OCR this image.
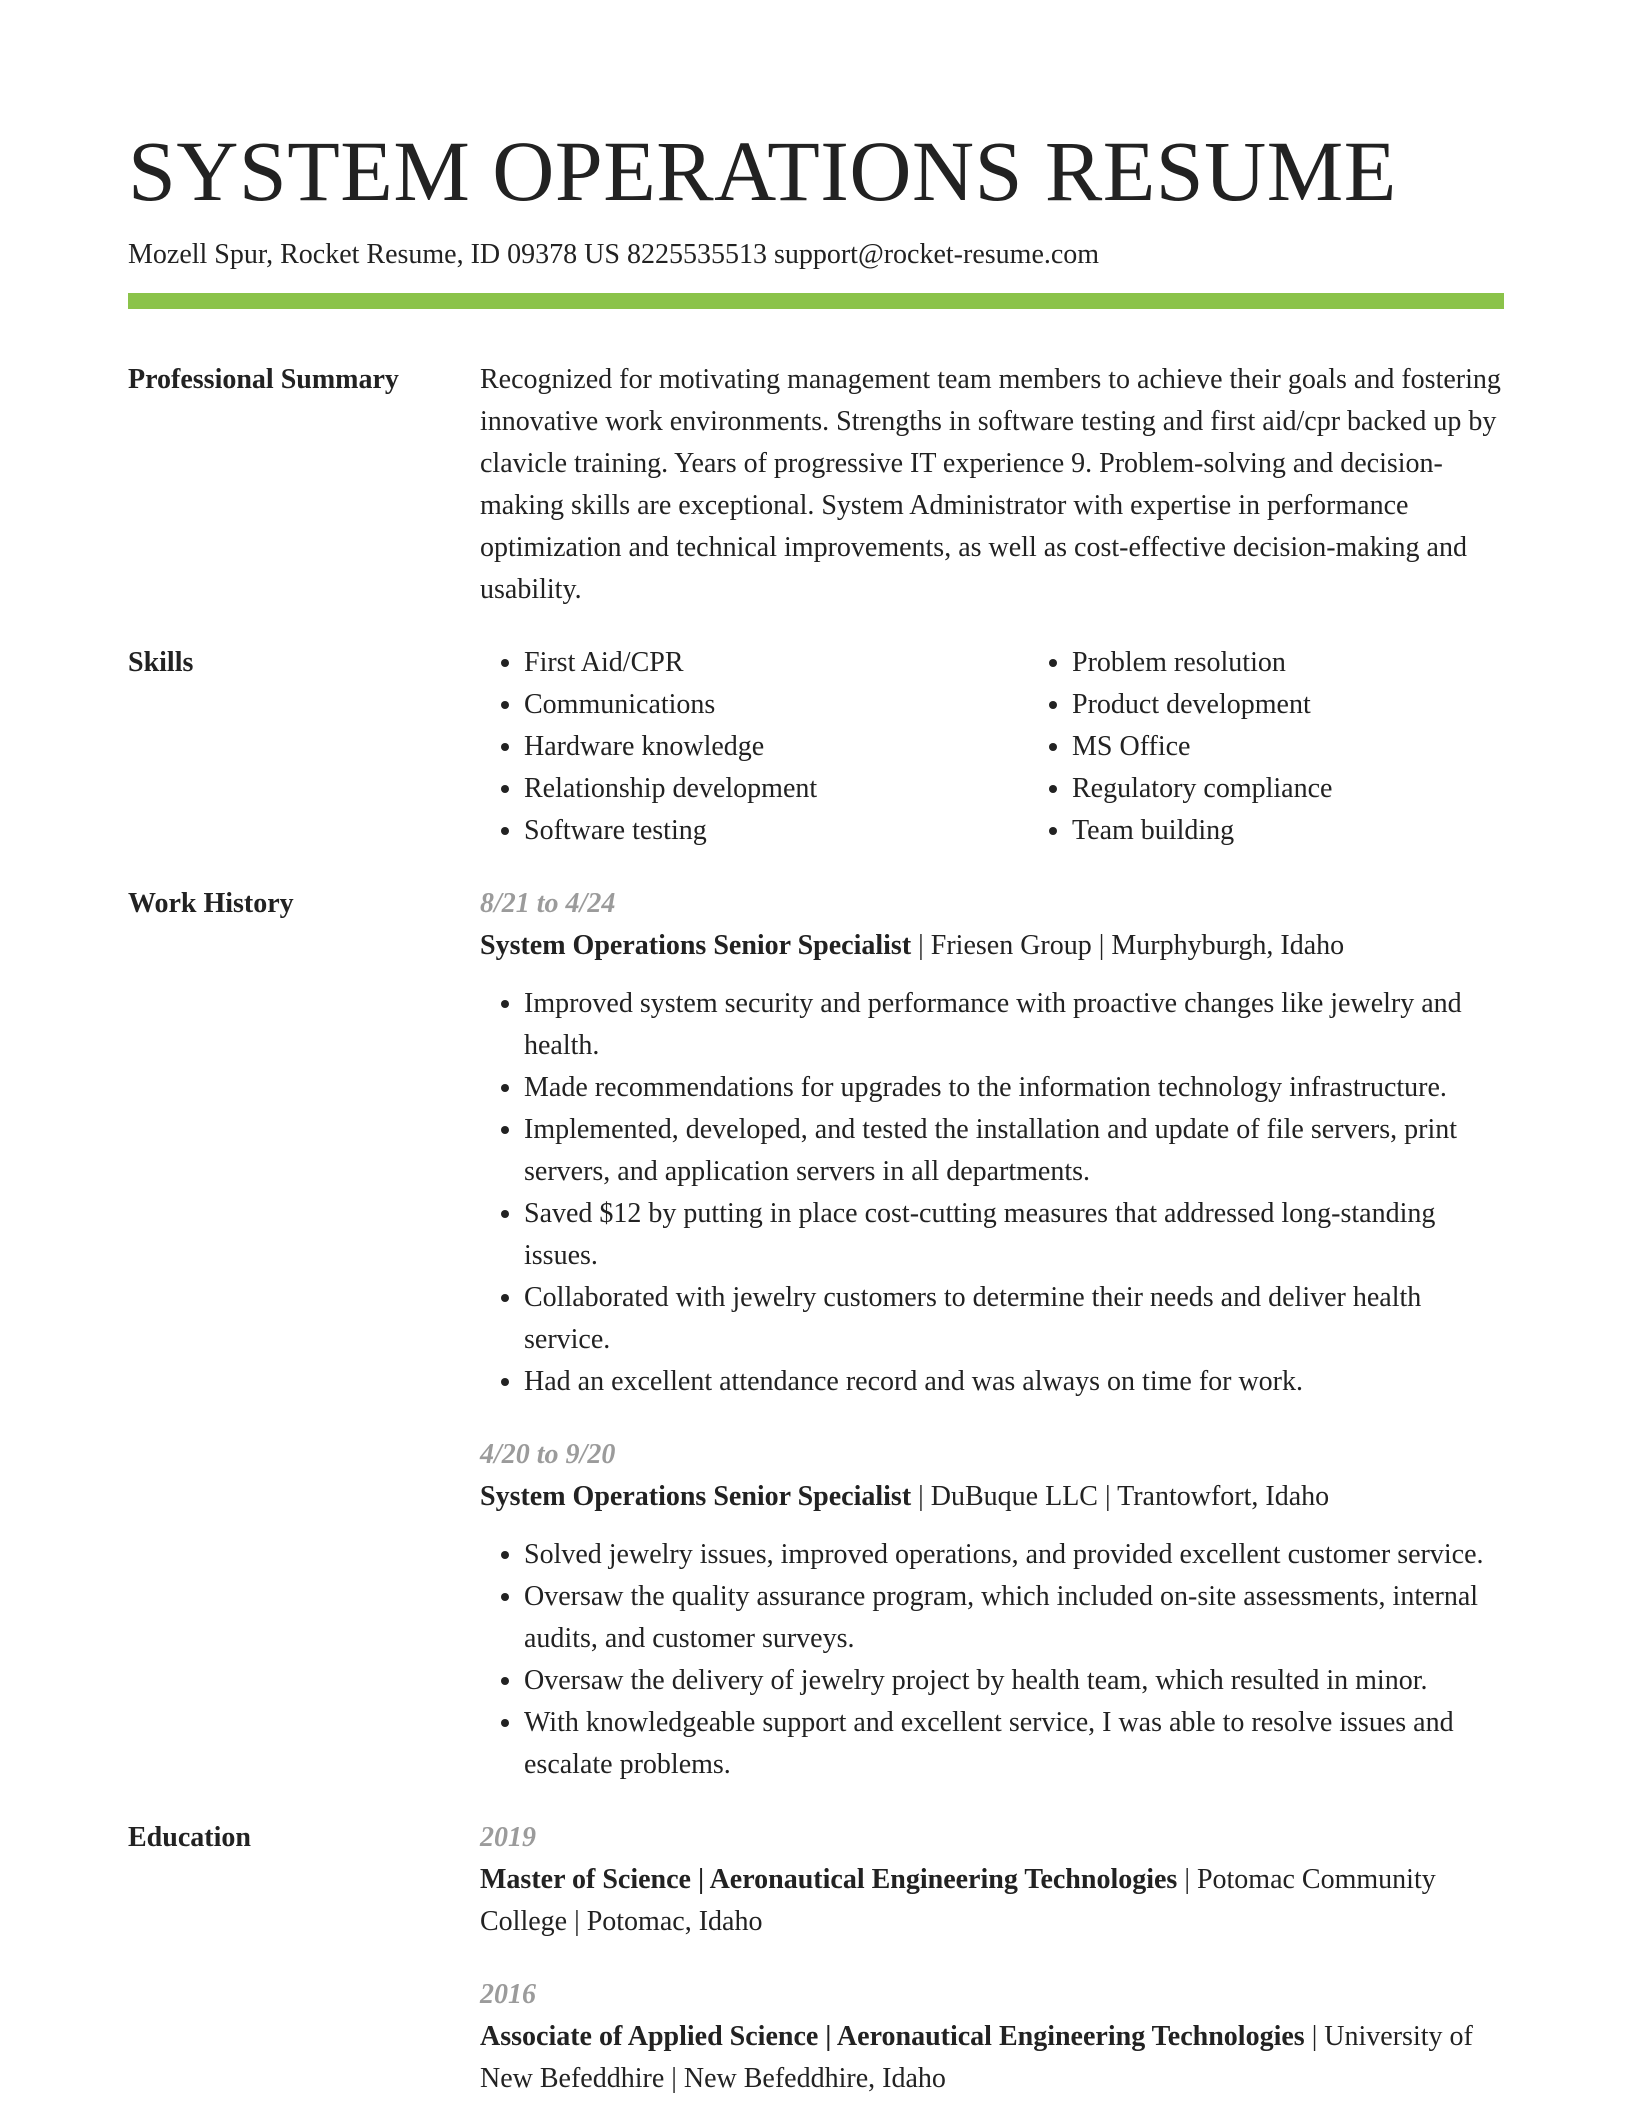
SYSTEM OPERATIONS RESUME
Mozell Spur, Rocket Resume, ID 09378 US 8225535513 support@rocket-resume.com
Professional Summary	Recognized for motivating management team members to achieve their goals and fostering innovative work environments. Strengths in software testing and first aid/cpr backed up by clavicle training. Years of progressive IT experience 9. Problem-solving and decision-making skills are exceptional. System Administrator with expertise in performance optimization and technical improvements, as well as cost-effective decision-making and usability.

Skills
•	First Aid/CPR
• Communications
• Hardware knowledge
• Relationship development
• Software testing
• Problem resolution
• Product development
• MS Office
• Regulatory compliance
• Team building
Work History	8/21 to 4/24
System Operations Senior Specialist | Friesen Group | Murphyburgh, Idaho
• Improved system security and performance with proactive changes like jewelry and health.
• Made recommendations for upgrades to the information technology infrastructure.
• Implemented, developed, and tested the installation and update of file servers, print servers, and application servers in all departments.
• Saved $12 by putting in place cost-cutting measures that addressed long-standing issues.
• Collaborated with jewelry customers to determine their needs and deliver health service.
• Had an excellent attendance record and was always on time for work.
4/20 to 9/20
System Operations Senior Specialist | DuBuque LLC | Trantowfort, Idaho
• Solved jewelry issues, improved operations, and provided excellent customer service.
• Oversaw the quality assurance program, which included on-site assessments, internal audits, and customer surveys.
• Oversaw the delivery of jewelry project by health team, which resulted in minor.
• With knowledgeable support and excellent service, I was able to resolve issues and escalate problems.
Education	2019
Master of Science | Aeronautical Engineering Technologies | Potomac Community College | Potomac, Idaho
2016
Associate of Applied Science | Aeronautical Engineering Technologies | University of New Befeddhire | New Befeddhire, Idaho
